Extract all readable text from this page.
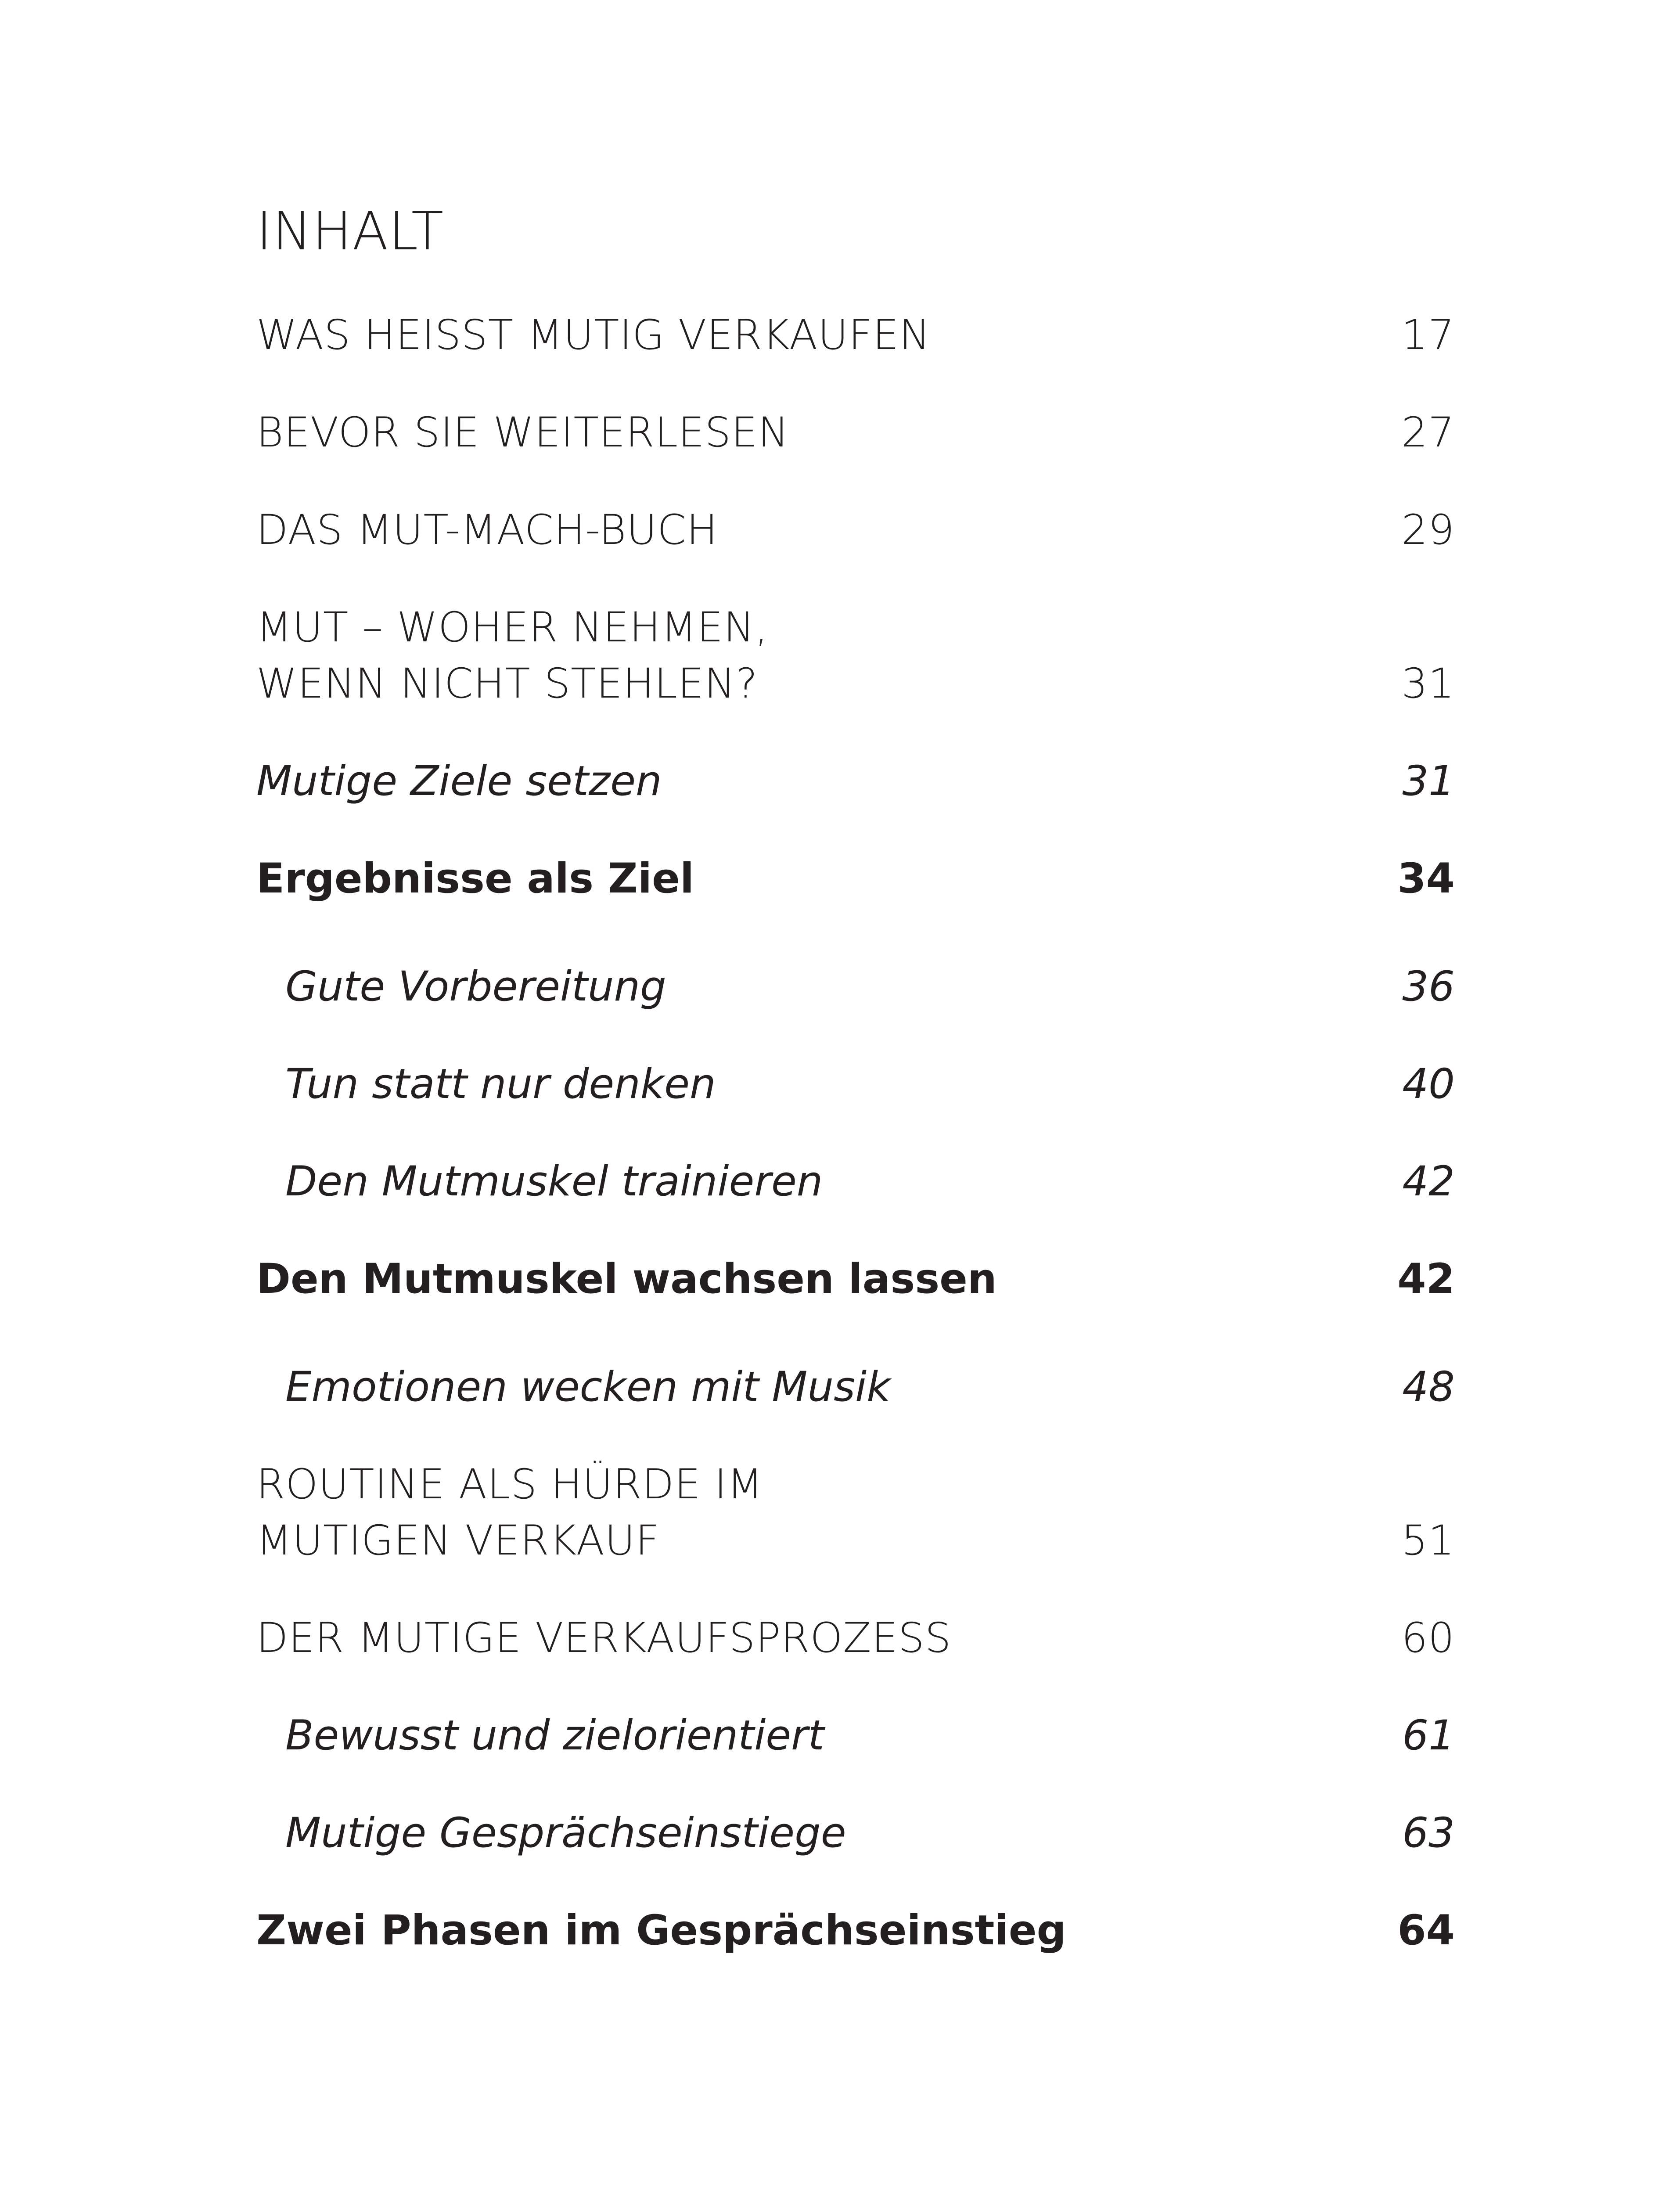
INHALT
WAS HEISST MUTIG VERKAUFEN	17
BEVOR SIE WEITERLESEN	27
DAS MUT-MACH-BUCH	29
MUT – WOHER NEHMEN,
WENN NICHT STEHLEN?	31
Mutige Ziele setzen	31
Ergebnisse als Ziel	34
Gute Vorbereitung	36
Tun statt nur denken	40
Den Mutmuskel trainieren	42
Den Mutmuskel wachsen lassen	42
Emotionen wecken mit Musik	48
ROUTINE ALS HÜRDE IM
MUTIGEN VERKAUF	51
DER MUTIGE VERKAUFSPROZESS	60
Bewusst und zielorientiert	61
Mutige Gesprächseinstiege	63
Zwei Phasen im Gesprächseinstieg	64
